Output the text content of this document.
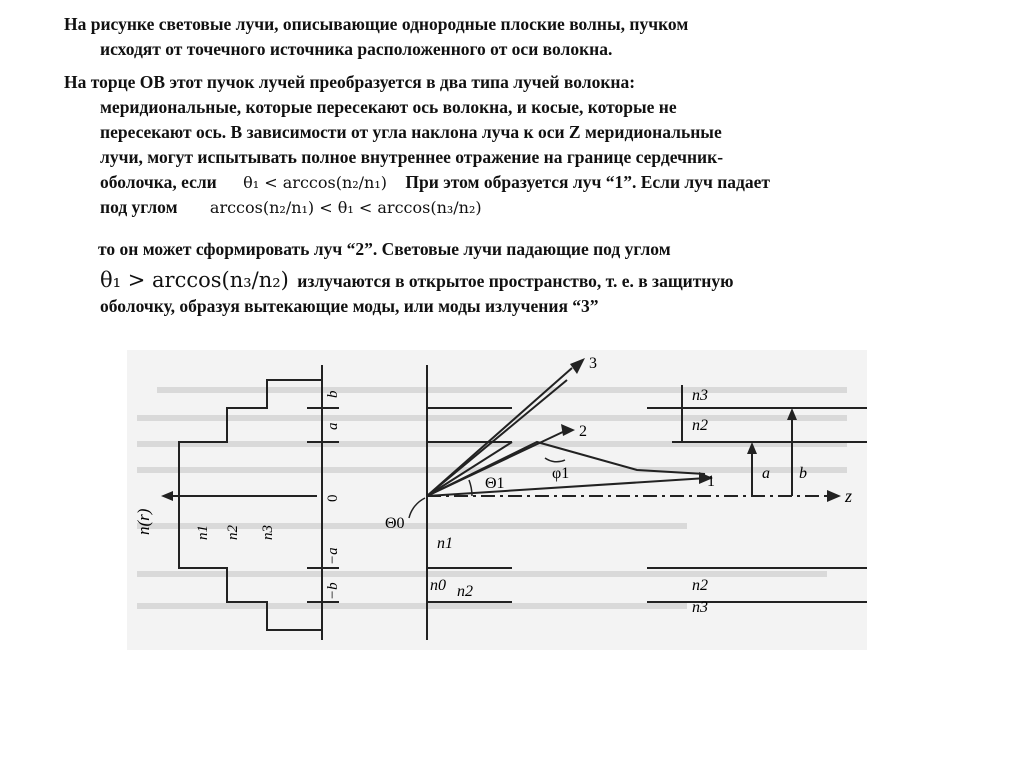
На рисунке световые лучи, описывающие однородные плоские волны, пучком
исходят от точечного источника расположенного от оси волокна.
На торце ОВ этот пучок лучей преобразуется в два типа лучей волокна:
меридиональные, которые пересекают ось волокна, и косые, которые не
пересекают ось. В зависимости от угла наклона луча к оси Z меридиональные
лучи, могут испытывать полное внутреннее отражение на границе сердечник-
оболочка, если θ₁ < arccos(n₂/n₁) При этом образуется луч “1”. Если луч падает
под углом arccos(n₂/n₁) < θ₁ < arccos(n₃/n₂)
то он может сформировать луч “2”. Световые лучи падающие под углом
θ₁ > arccos(n₃/n₂) излучаются в открытое пространство, т. е. в защитную
оболочку, образуя вытекающие моды, или моды излучения “3”
n(r)	n1 n2 n3
b
a
0
−a
−b
z
3
2
1
Θ1
Θ0
φ1	a b
n1
n0 n2	n2
n3
n3
n2
